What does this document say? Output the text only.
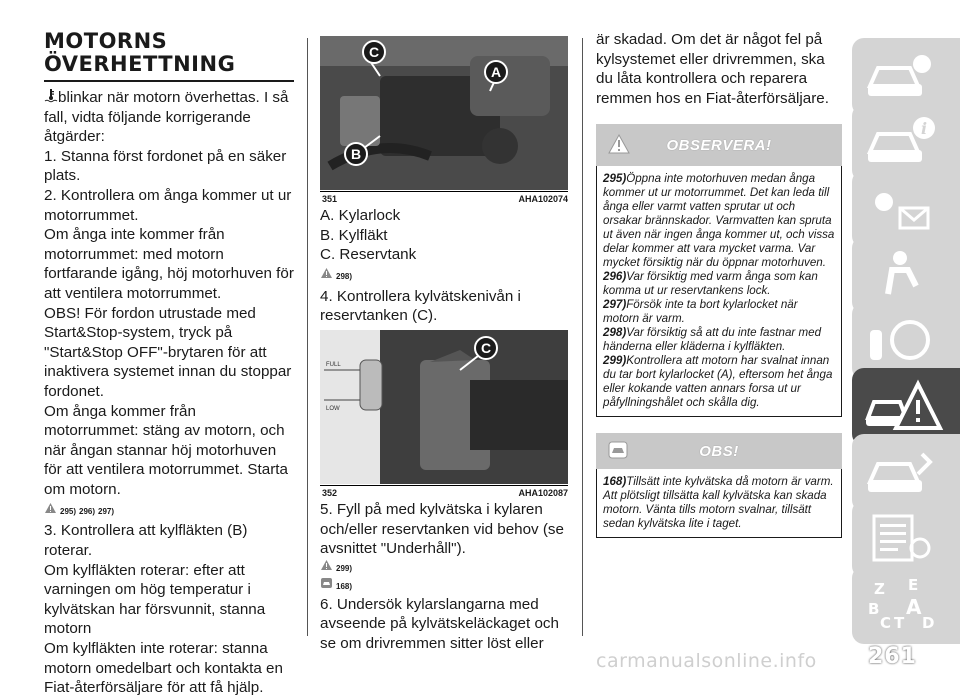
MOTORNS
ÖVERHETTNING

blinkar när motorn överhettas. I så fall, vidta följande korrigerande åtgärder:

1. Stanna först fordonet på en säker plats.

2. Kontrollera om ånga kommer ut ur motorrummet.

Om ånga inte kommer från motorrummet: med motorn fortfarande igång, höj motorhuven för att ventilera motorrummet.

OBS! För fordon utrustade med Start&Stop-system, tryck på "Start&Stop OFF"-brytaren för att inaktivera systemet innan du stoppar fordonet.

Om ånga kommer från motorrummet: stäng av motorn, och när ångan stannar höj motorhuven för att ventilera motorrummet. Starta om motorn.

295) 296) 297)

3. Kontrollera att kylfläkten (B) roterar.

Om kylfläkten roterar: efter att varningen om hög temperatur i kylvätskan har försvunnit, stanna motorn

Om kylfläkten inte roterar: stanna motorn omedelbart och kontakta en Fiat-återförsäljare för att få hjälp.

C
A
B
351	AHA102074

A. Kylarlock

B. Kylfläkt

C. Reservtank

298)

4. Kontrollera kylvätskenivån i reservtanken (C).

FULL
LOW
C
352	AHA102087

5. Fyll på med kylvätska i kylaren och/eller reservtanken vid behov (se avsnittet "Underhåll").

299)
168)

6. Undersök kylarslangarna med avseende på kylvätskeläckaget och se om drivremmen sitter löst eller

är skadad. Om det är något fel på kylsystemet eller drivremmen, ska du låta kontrollera och reparera remmen hos en Fiat-återförsäljare.

OBSERVERA!

295)Öppna inte motorhuven medan ånga kommer ut ur motorrummet. Det kan leda till ånga eller varmt vatten sprutar ut och orsakar brännskador. Varmvatten kan spruta ut även när ingen ånga kommer ut, och vissa delar kommer att vara mycket varma. Var mycket försiktig när du öppnar motorhuven.

296)Var försiktig med varm ånga som kan komma ut ur reservtankens lock.

297)Försök inte ta bort kylarlocket när motorn är varm.

298)Var försiktig så att du inte fastnar med händerna eller kläderna i kylfläkten.

299)Kontrollera att motorn har svalnat innan du tar bort kylarlocket (A), eftersom het ånga eller kokande vatten annars forsa ut ur påfyllningshålet och skålla dig.

OBS!

168)Tillsätt inte kylvätska då motorn är varm. Att plötsligt tillsätta kall kylvätska kan skada motorn. Vänta tills motorn svalnar, tillsätt sedan kylvätska lite i taget.

i
Z E
B A
C T D
261
carmanualsonline.info
